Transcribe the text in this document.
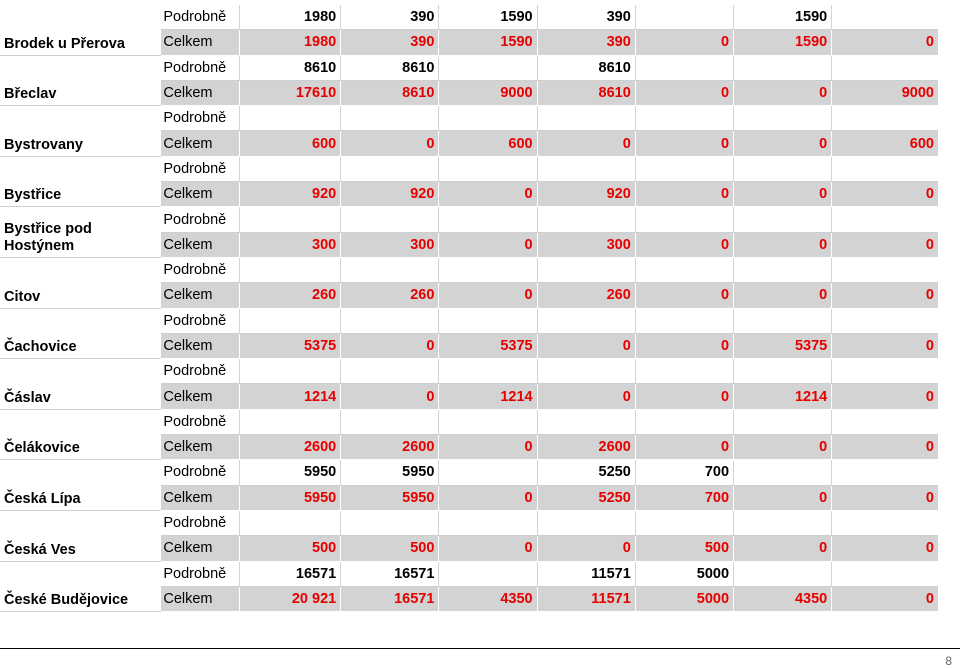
Brodek u Přerova	Podrobně	1980	390	1590	390		1590	
	Celkem	1980	390	1590	390	0	1590	0
Břeclav	Podrobně	8610	8610		8610			
	Celkem	17610	8610	9000	8610	0	0	9000
Bystrovany	Podrobně							
	Celkem	600	0	600	0	0	0	600
Bystřice	Podrobně							
	Celkem	920	920	0	920	0	0	0
Bystřice pod Hostýnem	Podrobně							
	Celkem	300	300	0	300	0	0	0
Citov	Podrobně							
	Celkem	260	260	0	260	0	0	0
Čachovice	Podrobně							
	Celkem	5375	0	5375	0	0	5375	0
Čáslav	Podrobně							
	Celkem	1214	0	1214	0	0	1214	0
Čelákovice	Podrobně							
	Celkem	2600	2600	0	2600	0	0	0
Česká Lípa	Podrobně	5950	5950		5250	700		
	Celkem	5950	5950	0	5250	700	0	0
Česká Ves	Podrobně							
	Celkem	500	500	0	0	500	0	0
České Budějovice	Podrobně	16571	16571		11571	5000		
	Celkem	20 921	16571	4350	11571	5000	4350	0
8
